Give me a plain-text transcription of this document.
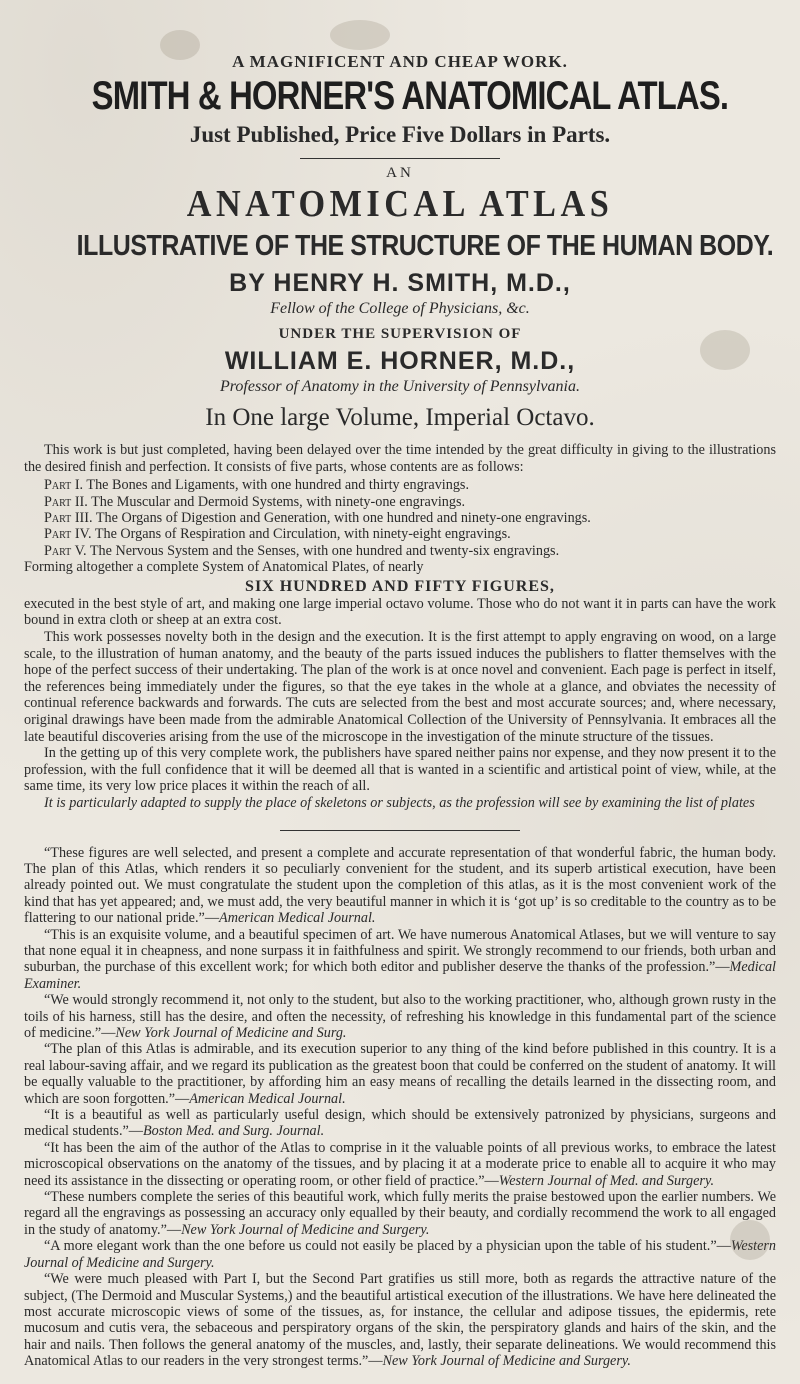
A MAGNIFICENT AND CHEAP WORK.

SMITH & HORNER'S ANATOMICAL ATLAS.

Just Published, Price Five Dollars in Parts.

AN

ANATOMICAL ATLAS

ILLUSTRATIVE OF THE STRUCTURE OF THE HUMAN BODY.

BY HENRY H. SMITH, M.D.,

Fellow of the College of Physicians, &c.

UNDER THE SUPERVISION OF

WILLIAM E. HORNER, M.D.,

Professor of Anatomy in the University of Pennsylvania.

In One large Volume, Imperial Octavo.

This work is but just completed, having been delayed over the time intended by the great difficulty in giving to the illustrations the desired finish and perfection. It consists of five parts, whose contents are as follows:

Part I. The Bones and Ligaments, with one hundred and thirty engravings.
Part II. The Muscular and Dermoid Systems, with ninety-one engravings.
Part III. The Organs of Digestion and Generation, with one hundred and ninety-one engravings.
Part IV. The Organs of Respiration and Circulation, with ninety-eight engravings.
Part V. The Nervous System and the Senses, with one hundred and twenty-six engravings.

Forming altogether a complete System of Anatomical Plates, of nearly

SIX HUNDRED AND FIFTY FIGURES,

executed in the best style of art, and making one large imperial octavo volume. Those who do not want it in parts can have the work bound in extra cloth or sheep at an extra cost.

This work possesses novelty both in the design and the execution. It is the first attempt to apply engraving on wood, on a large scale, to the illustration of human anatomy, and the beauty of the parts issued induces the publishers to flatter themselves with the hope of the perfect success of their undertaking. The plan of the work is at once novel and convenient. Each page is perfect in itself, the references being immediately under the figures, so that the eye takes in the whole at a glance, and obviates the necessity of continual reference backwards and forwards. The cuts are selected from the best and most accurate sources; and, where necessary, original drawings have been made from the admirable Anatomical Collection of the University of Pennsylvania. It embraces all the late beautiful discoveries arising from the use of the microscope in the investigation of the minute structure of the tissues.

In the getting up of this very complete work, the publishers have spared neither pains nor expense, and they now present it to the profession, with the full confidence that it will be deemed all that is wanted in a scientific and artistical point of view, while, at the same time, its very low price places it within the reach of all.

It is particularly adapted to supply the place of skeletons or subjects, as the profession will see by examining the list of plates

“These figures are well selected, and present a complete and accurate representation of that wonderful fabric, the human body. The plan of this Atlas, which renders it so peculiarly convenient for the student, and its superb artistical execution, have been already pointed out. We must congratulate the student upon the completion of this atlas, as it is the most convenient work of the kind that has yet appeared; and, we must add, the very beautiful manner in which it is ‘got up’ is so creditable to the country as to be flattering to our national pride.”—American Medical Journal.

“This is an exquisite volume, and a beautiful specimen of art. We have numerous Anatomical Atlases, but we will venture to say that none equal it in cheapness, and none surpass it in faithfulness and spirit. We strongly recommend to our friends, both urban and suburban, the purchase of this excellent work; for which both editor and publisher deserve the thanks of the profession.”—Medical Examiner.

“We would strongly recommend it, not only to the student, but also to the working practitioner, who, although grown rusty in the toils of his harness, still has the desire, and often the necessity, of refreshing his knowledge in this fundamental part of the science of medicine.”—New York Journal of Medicine and Surg.

“The plan of this Atlas is admirable, and its execution superior to any thing of the kind before published in this country. It is a real labour-saving affair, and we regard its publication as the greatest boon that could be conferred on the student of anatomy. It will be equally valuable to the practitioner, by affording him an easy means of recalling the details learned in the dissecting room, and which are soon forgotten.”—American Medical Journal.

“It is a beautiful as well as particularly useful design, which should be extensively patronized by physicians, surgeons and medical students.”—Boston Med. and Surg. Journal.

“It has been the aim of the author of the Atlas to comprise in it the valuable points of all previous works, to embrace the latest microscopical observations on the anatomy of the tissues, and by placing it at a moderate price to enable all to acquire it who may need its assistance in the dissecting or operating room, or other field of practice.”—Western Journal of Med. and Surgery.

“These numbers complete the series of this beautiful work, which fully merits the praise bestowed upon the earlier numbers. We regard all the engravings as possessing an accuracy only equalled by their beauty, and cordially recommend the work to all engaged in the study of anatomy.”—New York Journal of Medicine and Surgery.

“A more elegant work than the one before us could not easily be placed by a physician upon the table of his student.”—Western Journal of Medicine and Surgery.

“We were much pleased with Part I, but the Second Part gratifies us still more, both as regards the attractive nature of the subject, (The Dermoid and Muscular Systems,) and the beautiful artistical execution of the illustrations. We have here delineated the most accurate microscopic views of some of the tissues, as, for instance, the cellular and adipose tissues, the epidermis, rete mucosum and cutis vera, the sebaceous and perspiratory organs of the skin, the perspiratory glands and hairs of the skin, and the hair and nails. Then follows the general anatomy of the muscles, and, lastly, their separate delineations. We would recommend this Anatomical Atlas to our readers in the very strongest terms.”—New York Journal of Medicine and Surgery.
